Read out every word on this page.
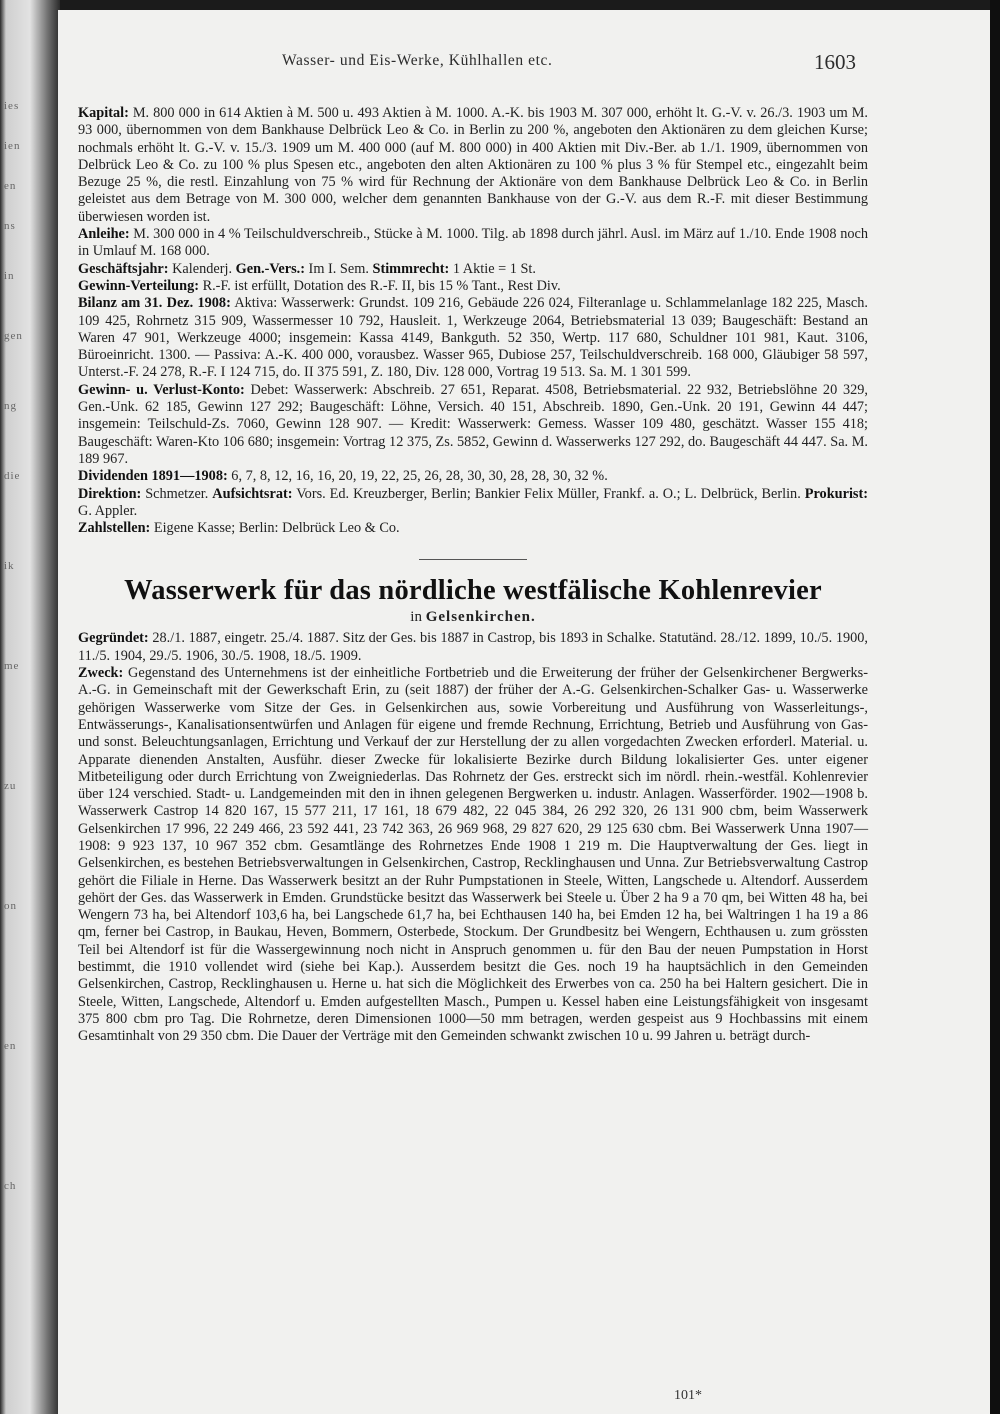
ies
ien
en
ns
in
gen
ng
die
ik
me
zu
on
en
ch
Wasser- und Eis-Werke, Kühlhallen etc.	1603

Kapital: M. 800 000 in 614 Aktien à M. 500 u. 493 Aktien à M. 1000. A.-K. bis 1903 M. 307 000, erhöht lt. G.-V. v. 26./3. 1903 um M. 93 000, übernommen von dem Bankhause Delbrück Leo & Co. in Berlin zu 200 %, angeboten den Aktionären zu dem gleichen Kurse; nochmals erhöht lt. G.-V. v. 15./3. 1909 um M. 400 000 (auf M. 800 000) in 400 Aktien mit Div.-Ber. ab 1./1. 1909, übernommen von Delbrück Leo & Co. zu 100 % plus Spesen etc., angeboten den alten Aktionären zu 100 % plus 3 % für Stempel etc., eingezahlt beim Bezuge 25 %, die restl. Einzahlung von 75 % wird für Rechnung der Aktionäre von dem Bankhause Delbrück Leo & Co. in Berlin geleistet aus dem Betrage von M. 300 000, welcher dem genannten Bankhause von der G.-V. aus dem R.-F. mit dieser Bestimmung überwiesen worden ist.

Anleihe: M. 300 000 in 4 % Teilschuldverschreib., Stücke à M. 1000. Tilg. ab 1898 durch jährl. Ausl. im März auf 1./10. Ende 1908 noch in Umlauf M. 168 000.

Geschäftsjahr: Kalenderj. Gen.-Vers.: Im I. Sem. Stimmrecht: 1 Aktie = 1 St.

Gewinn-Verteilung: R.-F. ist erfüllt, Dotation des R.-F. II, bis 15 % Tant., Rest Div.

Bilanz am 31. Dez. 1908: Aktiva: Wasserwerk: Grundst. 109 216, Gebäude 226 024, Filteranlage u. Schlammelanlage 182 225, Masch. 109 425, Rohrnetz 315 909, Wassermesser 10 792, Hausleit. 1, Werkzeuge 2064, Betriebsmaterial 13 039; Baugeschäft: Bestand an Waren 47 901, Werkzeuge 4000; insgemein: Kassa 4149, Bankguth. 52 350, Wertp. 117 680, Schuldner 101 981, Kaut. 3106, Büroeinricht. 1300. — Passiva: A.-K. 400 000, vorausbez. Wasser 965, Dubiose 257, Teilschuldverschreib. 168 000, Gläubiger 58 597, Unterst.-F. 24 278, R.-F. I 124 715, do. II 375 591, Z. 180, Div. 128 000, Vortrag 19 513. Sa. M. 1 301 599.

Gewinn- u. Verlust-Konto: Debet: Wasserwerk: Abschreib. 27 651, Reparat. 4508, Betriebsmaterial. 22 932, Betriebslöhne 20 329, Gen.-Unk. 62 185, Gewinn 127 292; Baugeschäft: Löhne, Versich. 40 151, Abschreib. 1890, Gen.-Unk. 20 191, Gewinn 44 447; insgemein: Teilschuld-Zs. 7060, Gewinn 128 907. — Kredit: Wasserwerk: Gemess. Wasser 109 480, geschätzt. Wasser 155 418; Baugeschäft: Waren-Kto 106 680; insgemein: Vortrag 12 375, Zs. 5852, Gewinn d. Wasserwerks 127 292, do. Baugeschäft 44 447. Sa. M. 189 967.

Dividenden 1891—1908: 6, 7, 8, 12, 16, 16, 20, 19, 22, 25, 26, 28, 30, 30, 28, 28, 30, 32 %.

Direktion: Schmetzer. Aufsichtsrat: Vors. Ed. Kreuzberger, Berlin; Bankier Felix Müller, Frankf. a. O.; L. Delbrück, Berlin. Prokurist: G. Appler.

Zahlstellen: Eigene Kasse; Berlin: Delbrück Leo & Co.

Wasserwerk für das nördliche westfälische Kohlenrevier
in Gelsenkirchen.

Gegründet: 28./1. 1887, eingetr. 25./4. 1887. Sitz der Ges. bis 1887 in Castrop, bis 1893 in Schalke. Statutänd. 28./12. 1899, 10./5. 1900, 11./5. 1904, 29./5. 1906, 30./5. 1908, 18./5. 1909.

Zweck: Gegenstand des Unternehmens ist der einheitliche Fortbetrieb und die Erweiterung der früher der Gelsenkirchener Bergwerks-A.-G. in Gemeinschaft mit der Gewerkschaft Erin, zu (seit 1887) der früher der A.-G. Gelsenkirchen-Schalker Gas- u. Wasserwerke gehörigen Wasserwerke vom Sitze der Ges. in Gelsenkirchen aus, sowie Vorbereitung und Ausführung von Wasserleitungs-, Entwässerungs-, Kanalisationsentwürfen und Anlagen für eigene und fremde Rechnung, Errichtung, Betrieb und Ausführung von Gas- und sonst. Beleuchtungsanlagen, Errichtung und Verkauf der zur Herstellung der zu allen vorgedachten Zwecken erforderl. Material. u. Apparate dienenden Anstalten, Ausführ. dieser Zwecke für lokalisierte Bezirke durch Bildung lokalisierter Ges. unter eigener Mitbeteiligung oder durch Errichtung von Zweigniederlas. Das Rohrnetz der Ges. erstreckt sich im nördl. rhein.-westfäl. Kohlenrevier über 124 verschied. Stadt- u. Landgemeinden mit den in ihnen gelegenen Bergwerken u. industr. Anlagen. Wasserförder. 1902—1908 b. Wasserwerk Castrop 14 820 167, 15 577 211, 17 161, 18 679 482, 22 045 384, 26 292 320, 26 131 900 cbm, beim Wasserwerk Gelsenkirchen 17 996, 22 249 466, 23 592 441, 23 742 363, 26 969 968, 29 827 620, 29 125 630 cbm. Bei Wasserwerk Unna 1907—1908: 9 923 137, 10 967 352 cbm. Gesamtlänge des Rohrnetzes Ende 1908 1 219 m. Die Hauptverwaltung der Ges. liegt in Gelsenkirchen, es bestehen Betriebsverwaltungen in Gelsenkirchen, Castrop, Recklinghausen und Unna. Zur Betriebsverwaltung Castrop gehört die Filiale in Herne. Das Wasserwerk besitzt an der Ruhr Pumpstationen in Steele, Witten, Langschede u. Altendorf. Ausserdem gehört der Ges. das Wasserwerk in Emden. Grundstücke besitzt das Wasserwerk bei Steele u. Über 2 ha 9 a 70 qm, bei Witten 48 ha, bei Wengern 73 ha, bei Altendorf 103,6 ha, bei Langschede 61,7 ha, bei Echthausen 140 ha, bei Emden 12 ha, bei Waltringen 1 ha 19 a 86 qm, ferner bei Castrop, in Baukau, Heven, Bommern, Osterbede, Stockum. Der Grundbesitz bei Wengern, Echthausen u. zum grössten Teil bei Altendorf ist für die Wassergewinnung noch nicht in Anspruch genommen u. für den Bau der neuen Pumpstation in Horst bestimmt, die 1910 vollendet wird (siehe bei Kap.). Ausserdem besitzt die Ges. noch 19 ha hauptsächlich in den Gemeinden Gelsenkirchen, Castrop, Recklinghausen u. Herne u. hat sich die Möglichkeit des Erwerbes von ca. 250 ha bei Haltern gesichert. Die in Steele, Witten, Langschede, Altendorf u. Emden aufgestellten Masch., Pumpen u. Kessel haben eine Leistungsfähigkeit von insgesamt 375 800 cbm pro Tag. Die Rohrnetze, deren Dimensionen 1000—50 mm betragen, werden gespeist aus 9 Hochbassins mit einem Gesamtinhalt von 29 350 cbm. Die Dauer der Verträge mit den Gemeinden schwankt zwischen 10 u. 99 Jahren u. beträgt durch-

101*
